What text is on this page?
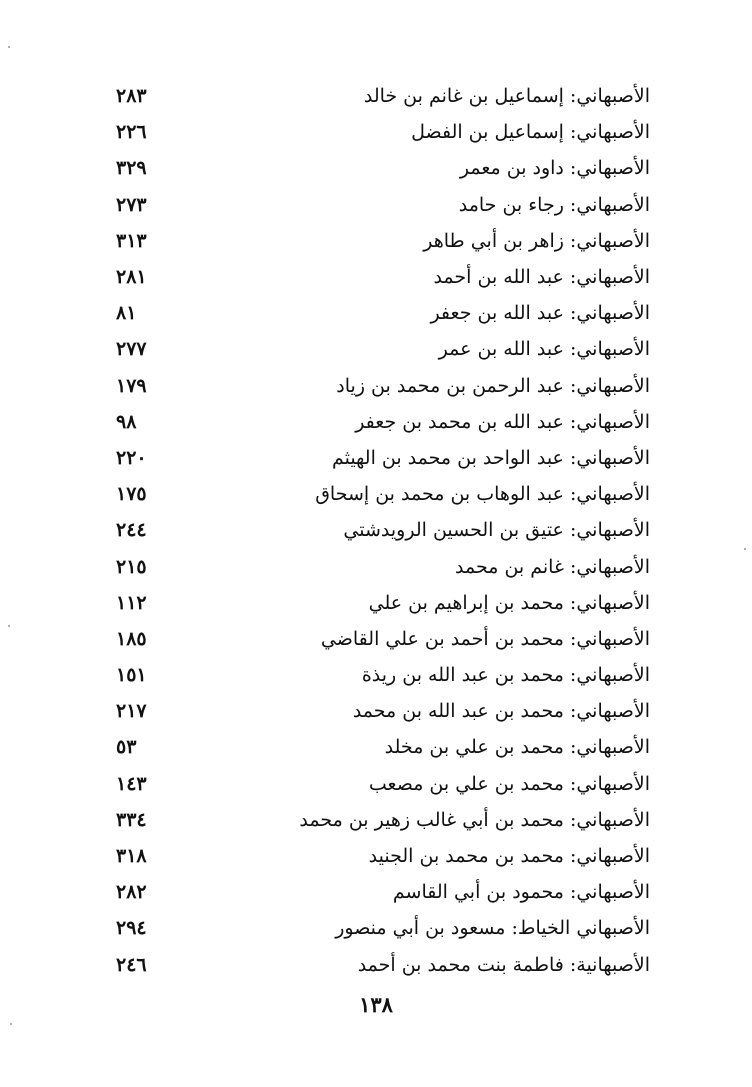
٢٨٣	الأصبهاني: إسماعيل بن غانم بن خالد
٢٢٦	الأصبهاني: إسماعيل بن الفضل
٣٢٩	الأصبهاني: داود بن معمر
٢٧٣	الأصبهاني: رجاء بن حامد
٣١٣	الأصبهاني: زاهر بن أبي طاهر
٢٨١	الأصبهاني: عبد الله بن أحمد
٨١	الأصبهاني: عبد الله بن جعفر
٢٧٧	الأصبهاني: عبد الله بن عمر
١٧٩	الأصبهاني: عبد الرحمن بن محمد بن زياد
٩٨	الأصبهاني: عبد الله بن محمد بن جعفر
٢٢٠	الأصبهاني: عبد الواحد بن محمد بن الهيثم
١٧٥	الأصبهاني: عبد الوهاب بن محمد بن إسحاق
٢٤٤	الأصبهاني: عتيق بن الحسين الرويدشتي
٢١٥	الأصبهاني: غانم بن محمد
١١٢	الأصبهاني: محمد بن إبراهيم بن علي
١٨٥	الأصبهاني: محمد بن أحمد بن علي القاضي
١٥١	الأصبهاني: محمد بن عبد الله بن ريذة
٢١٧	الأصبهاني: محمد بن عبد الله بن محمد
٥٣	الأصبهاني: محمد بن علي بن مخلد
١٤٣	الأصبهاني: محمد بن علي بن مصعب
٣٣٤	الأصبهاني: محمد بن أبي غالب زهير بن محمد
٣١٨	الأصبهاني: محمد بن محمد بن الجنيد
٢٨٢	الأصبهاني: محمود بن أبي القاسم
٢٩٤	الأصبهاني الخياط: مسعود بن أبي منصور
٢٤٦	الأصبهانية: فاطمة بنت محمد بن أحمد
١٣٨
